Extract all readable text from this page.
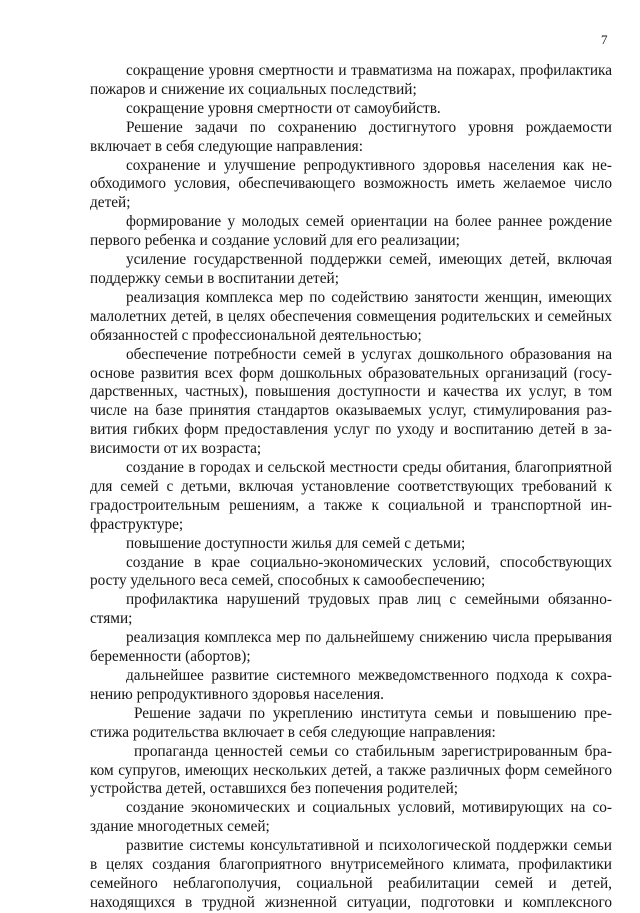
7

сокращение уровня смертности и травматизма на пожарах, профилактика пожаров и снижение их социальных последствий;

сокращение уровня смертности от самоубийств.

Решение задачи по сохранению достигнутого уровня рождаемости включает в себя следующие направления:

сохранение и улучшение репродуктивного здоровья населения как необходимого условия, обеспечивающего возможность иметь желаемое число детей;

формирование у молодых семей ориентации на более раннее рождение первого ребенка и создание условий для его реализации;

усиление государственной поддержки семей, имеющих детей, включая поддержку семьи в воспитании детей;

реализация комплекса мер по содействию занятости женщин, имеющих малолетних детей, в целях обеспечения совмещения родительских и семейных обязанностей с профессиональной деятельностью;

обеспечение потребности семей в услугах дошкольного образования на основе развития всех форм дошкольных образовательных организаций (государственных, частных), повышения доступности и качества их услуг, в том числе на базе принятия стандартов оказываемых услуг, стимулирования развития гибких форм предоставления услуг по уходу и воспитанию детей в зависимости от их возраста;

создание в городах и сельской местности среды обитания, благоприятной для семей с детьми, включая установление соответствующих требований к градостроительным решениям, а также к социальной и транспортной инфраструктуре;

повышение доступности жилья для семей с детьми;

создание в крае социально-экономических условий, способствующих росту удельного веса семей, способных к самообеспечению;

профилактика нарушений трудовых прав лиц с семейными обязанностями;

реализация комплекса мер по дальнейшему снижению числа прерывания беременности (абортов);

дальнейшее развитие системного межведомственного подхода к сохранению репродуктивного здоровья населения.

Решение задачи по укреплению института семьи и повышению престижа родительства включает в себя следующие направления:

пропаганда ценностей семьи со стабильным зарегистрированным браком супругов, имеющих нескольких детей, а также различных форм семейного устройства детей, оставшихся без попечения родителей;

создание экономических и социальных условий, мотивирующих на создание многодетных семей;

развитие системы консультативной и психологической поддержки семьи в целях создания благоприятного внутрисемейного климата, профилактики семейного неблагополучия, социальной реабилитации семей и детей, находящихся в трудной жизненной ситуации, подготовки и комплексного
